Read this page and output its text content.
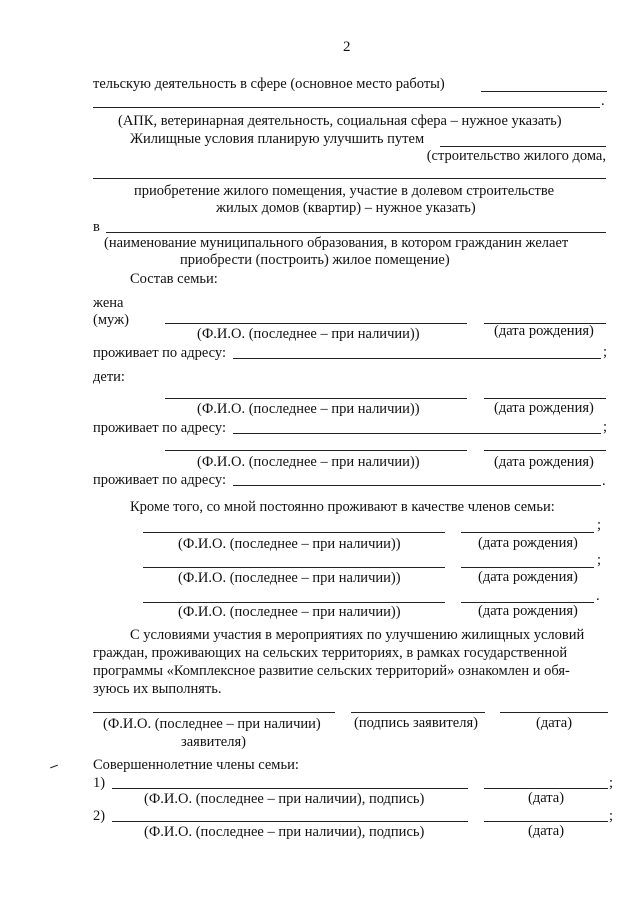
2
тельскую деятельность в сфере (основное место работы)
.
(АПК, ветеринарная деятельность, социальная сфера – нужное указать)
Жилищные условия планирую улучшить путем
(строительство жилого дома,
приобретение жилого помещения, участие в долевом строительстве
жилых домов (квартир) – нужное указать)
в
(наименование муниципального образования, в котором гражданин желает
приобрести (построить) жилое помещение)
Состав семьи:
жена
(муж)
(Ф.И.О. (последнее – при наличии))	(дата рождения)
проживает по адресу:	;
дети:
(Ф.И.О. (последнее – при наличии))	(дата рождения)
проживает по адресу:	;
(Ф.И.О. (последнее – при наличии))	(дата рождения)
проживает по адресу:	.
Кроме того, со мной постоянно проживают в качестве членов семьи:
;
(Ф.И.О. (последнее – при наличии))	(дата рождения)
;
(Ф.И.О. (последнее – при наличии))	(дата рождения)
.
(Ф.И.О. (последнее – при наличии))	(дата рождения)
С условиями участия в мероприятиях по улучшению жилищных условий
граждан, проживающих на сельских территориях, в рамках государственной
программы «Комплексное развитие сельских территорий» ознакомлен и обя-
зуюсь их выполнять.
(Ф.И.О. (последнее – при наличии)
заявителя)
(подпись заявителя)	(дата)
Совершеннолетние члены семьи:
1)	;
(Ф.И.О. (последнее – при наличии), подпись)	(дата)
2)	;
(Ф.И.О. (последнее – при наличии), подпись)	(дата)
